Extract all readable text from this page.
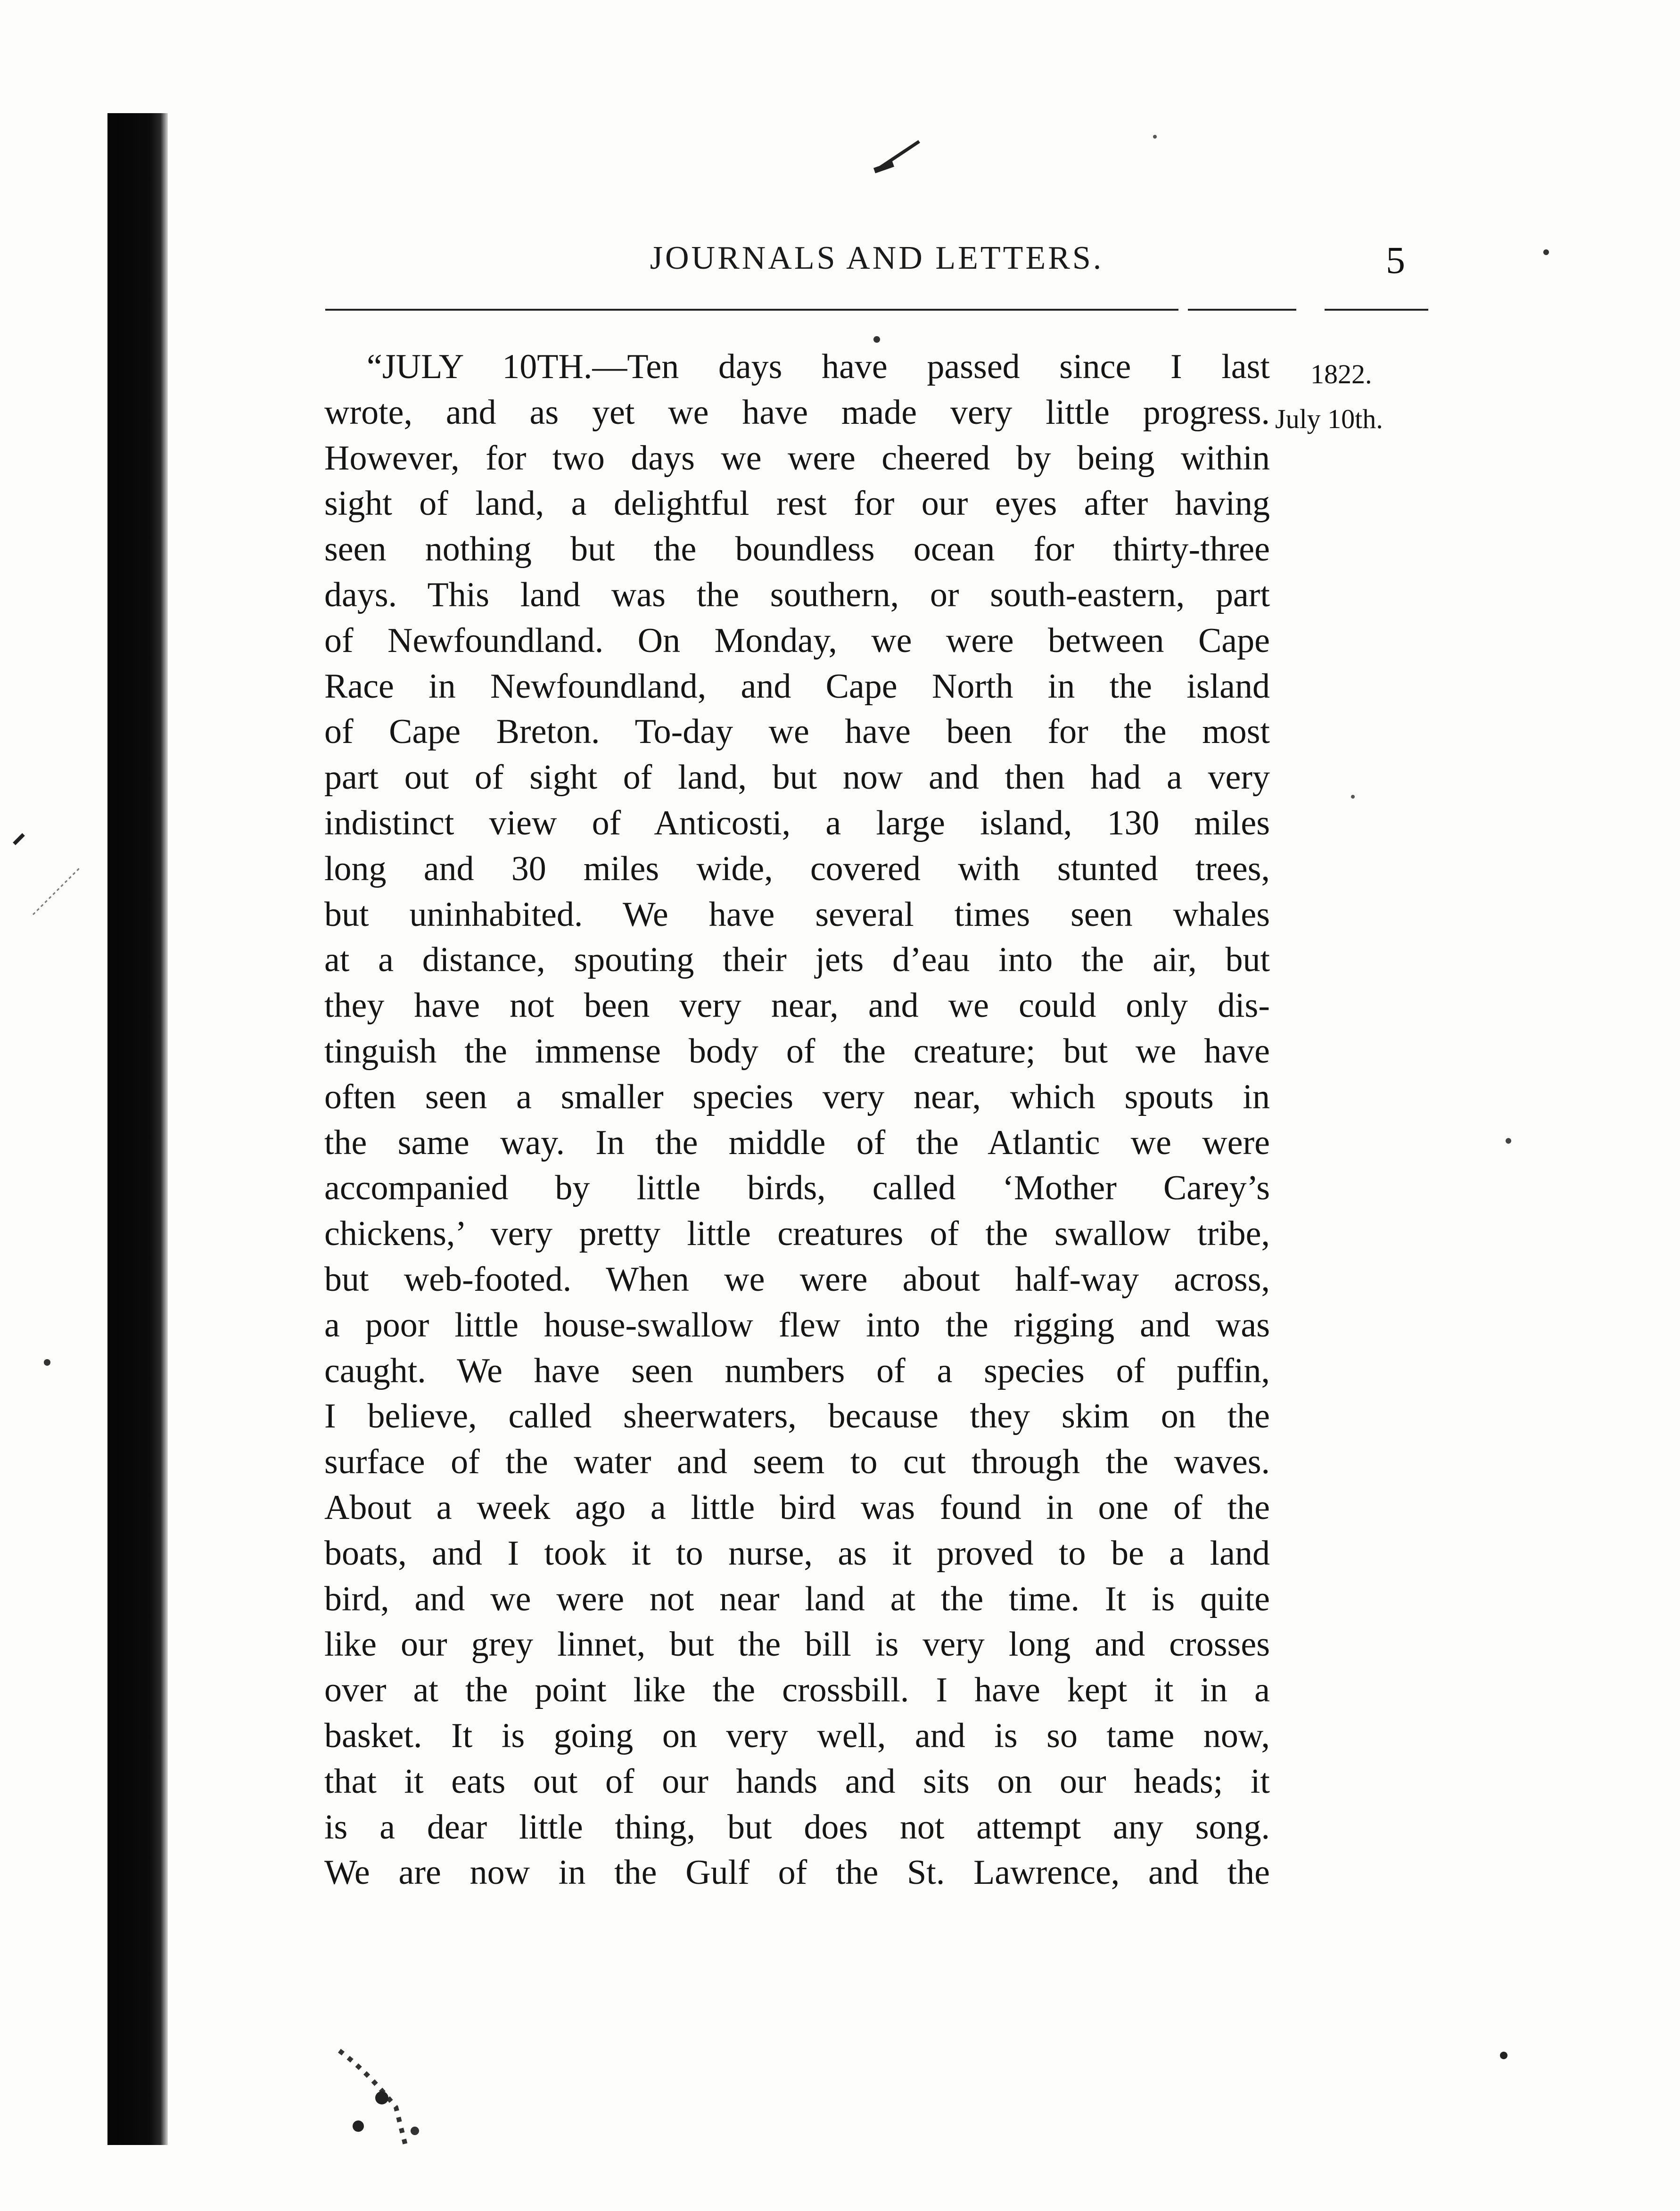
JOURNALS AND LETTERS.	5
1822.
July 10th.
“JULY 10TH.—Ten days have passed since I last
wrote, and as yet we have made very little progress.
However, for two days we were cheered by being within
sight of land, a delightful rest for our eyes after having
seen nothing but the boundless ocean for thirty-three
days. This land was the southern, or south-eastern, part
of Newfoundland. On Monday, we were between Cape
Race in Newfoundland, and Cape North in the island
of Cape Breton. To-day we have been for the most
part out of sight of land, but now and then had a very
indistinct view of Anticosti, a large island, 130 miles
long and 30 miles wide, covered with stunted trees,
but uninhabited. We have several times seen whales
at a distance, spouting their jets d’eau into the air, but
they have not been very near, and we could only dis-
tinguish the immense body of the creature; but we have
often seen a smaller species very near, which spouts in
the same way. In the middle of the Atlantic we were
accompanied by little birds, called ‘Mother Carey’s
chickens,’ very pretty little creatures of the swallow tribe,
but web-footed. When we were about half-way across,
a poor little house-swallow flew into the rigging and was
caught. We have seen numbers of a species of puffin,
I believe, called sheerwaters, because they skim on the
surface of the water and seem to cut through the waves.
About a week ago a little bird was found in one of the
boats, and I took it to nurse, as it proved to be a land
bird, and we were not near land at the time. It is quite
like our grey linnet, but the bill is very long and crosses
over at the point like the crossbill. I have kept it in a
basket. It is going on very well, and is so tame now,
that it eats out of our hands and sits on our heads; it
is a dear little thing, but does not attempt any song.
We are now in the Gulf of the St. Lawrence, and the
